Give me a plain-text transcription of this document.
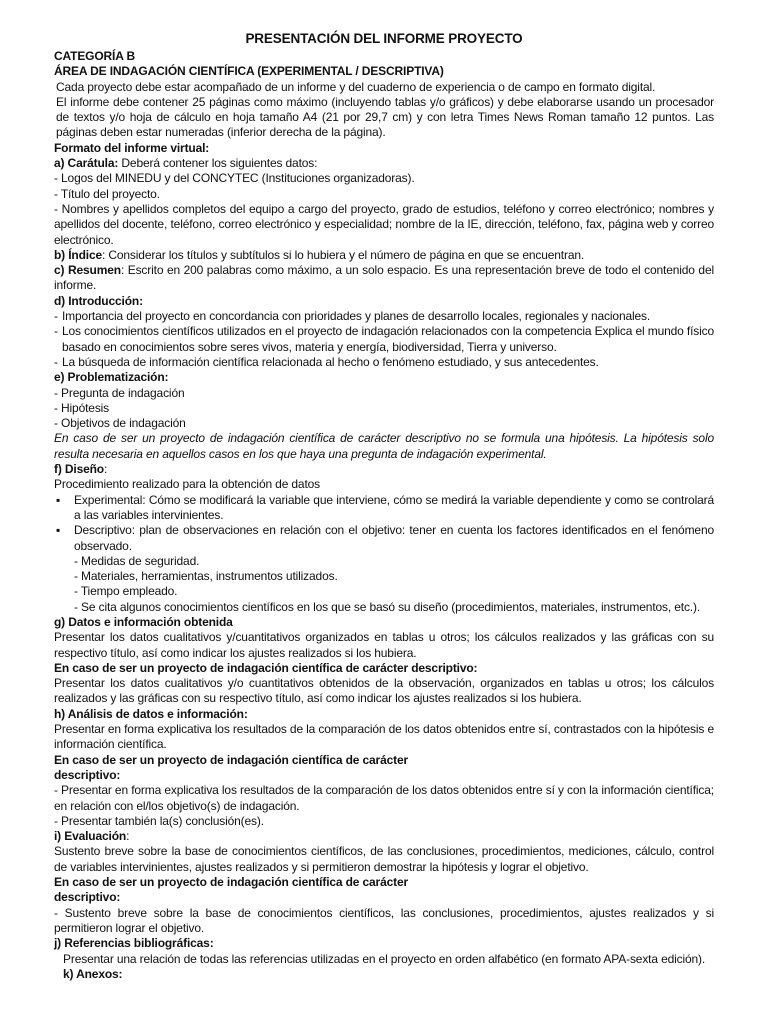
PRESENTACIÓN DEL INFORME PROYECTO
CATEGORÍA B
ÁREA DE INDAGACIÓN CIENTÍFICA (EXPERIMENTAL / DESCRIPTIVA)
Cada proyecto debe estar acompañado de un informe y del cuaderno de experiencia o de campo en formato digital.
El informe debe contener 25 páginas como máximo (incluyendo tablas y/o gráficos) y debe elaborarse usando un procesador de textos y/o hoja de cálculo en hoja tamaño A4 (21 por 29,7 cm) y con letra Times News Roman tamaño 12 puntos. Las páginas deben estar numeradas (inferior derecha de la página).
Formato del informe virtual:
a) Carátula: Deberá contener los siguientes datos:
- Logos del MINEDU y del CONCYTEC (Instituciones organizadoras).
- Título del proyecto.
- Nombres y apellidos completos del equipo a cargo del proyecto, grado de estudios, teléfono y correo electrónico; nombres y apellidos del docente, teléfono, correo electrónico y especialidad; nombre de la IE, dirección, teléfono, fax, página web y correo electrónico.
b) Índice: Considerar los títulos y subtítulos si lo hubiera y el número de página en que se encuentran.
c) Resumen: Escrito en 200 palabras como máximo, a un solo espacio. Es una representación breve de todo el contenido del informe.
d) Introducción:
- Importancia del proyecto en concordancia con prioridades y planes de desarrollo locales, regionales y nacionales.
- Los conocimientos científicos utilizados en el proyecto de indagación relacionados con la competencia Explica el mundo físico basado en conocimientos sobre seres vivos, materia y energía, biodiversidad, Tierra y universo.
- La búsqueda de información científica relacionada al hecho o fenómeno estudiado, y sus antecedentes.
e) Problematización:
- Pregunta de indagación
- Hipótesis
- Objetivos de indagación
En caso de ser un proyecto de indagación científica de carácter descriptivo no se formula una hipótesis. La hipótesis solo resulta necesaria en aquellos casos en los que haya una pregunta de indagación experimental.
f) Diseño:
Procedimiento realizado para la obtención de datos
▪	Experimental: Cómo se modificará la variable que interviene, cómo se medirá la variable dependiente y como se controlará a las variables intervinientes.
▪	Descriptivo: plan de observaciones en relación con el objetivo: tener en cuenta los factores identificados en el fenómeno observado.
- Medidas de seguridad.
- Materiales, herramientas, instrumentos utilizados.
- Tiempo empleado.
- Se cita algunos conocimientos científicos en los que se basó su diseño (procedimientos, materiales, instrumentos, etc.).
g) Datos e información obtenida
Presentar los datos cualitativos y/cuantitativos organizados en tablas u otros; los cálculos realizados y las gráficas con su respectivo título, así como indicar los ajustes realizados si los hubiera.
En caso de ser un proyecto de indagación científica de carácter descriptivo:
Presentar los datos cualitativos y/o cuantitativos obtenidos de la observación, organizados en tablas u otros; los cálculos realizados y las gráficas con su respectivo título, así como indicar los ajustes realizados si los hubiera.
h) Análisis de datos e información:
Presentar en forma explicativa los resultados de la comparación de los datos obtenidos entre sí, contrastados con la hipótesis e información científica.
En caso de ser un proyecto de indagación científica de carácter
descriptivo:
- Presentar en forma explicativa los resultados de la comparación de los datos obtenidos entre sí y con la información científica; en relación con el/los objetivo(s) de indagación.
- Presentar también la(s) conclusión(es).
i) Evaluación:
Sustento breve sobre la base de conocimientos científicos, de las conclusiones, procedimientos, mediciones, cálculo, control de variables intervinientes, ajustes realizados y si permitieron demostrar la hipótesis y lograr el objetivo.
En caso de ser un proyecto de indagación científica de carácter
descriptivo:
- Sustento breve sobre la base de conocimientos científicos, las conclusiones, procedimientos, ajustes realizados y si permitieron lograr el objetivo.
j) Referencias bibliográficas:
Presentar una relación de todas las referencias utilizadas en el proyecto en orden alfabético (en formato APA-sexta edición).
k) Anexos:
